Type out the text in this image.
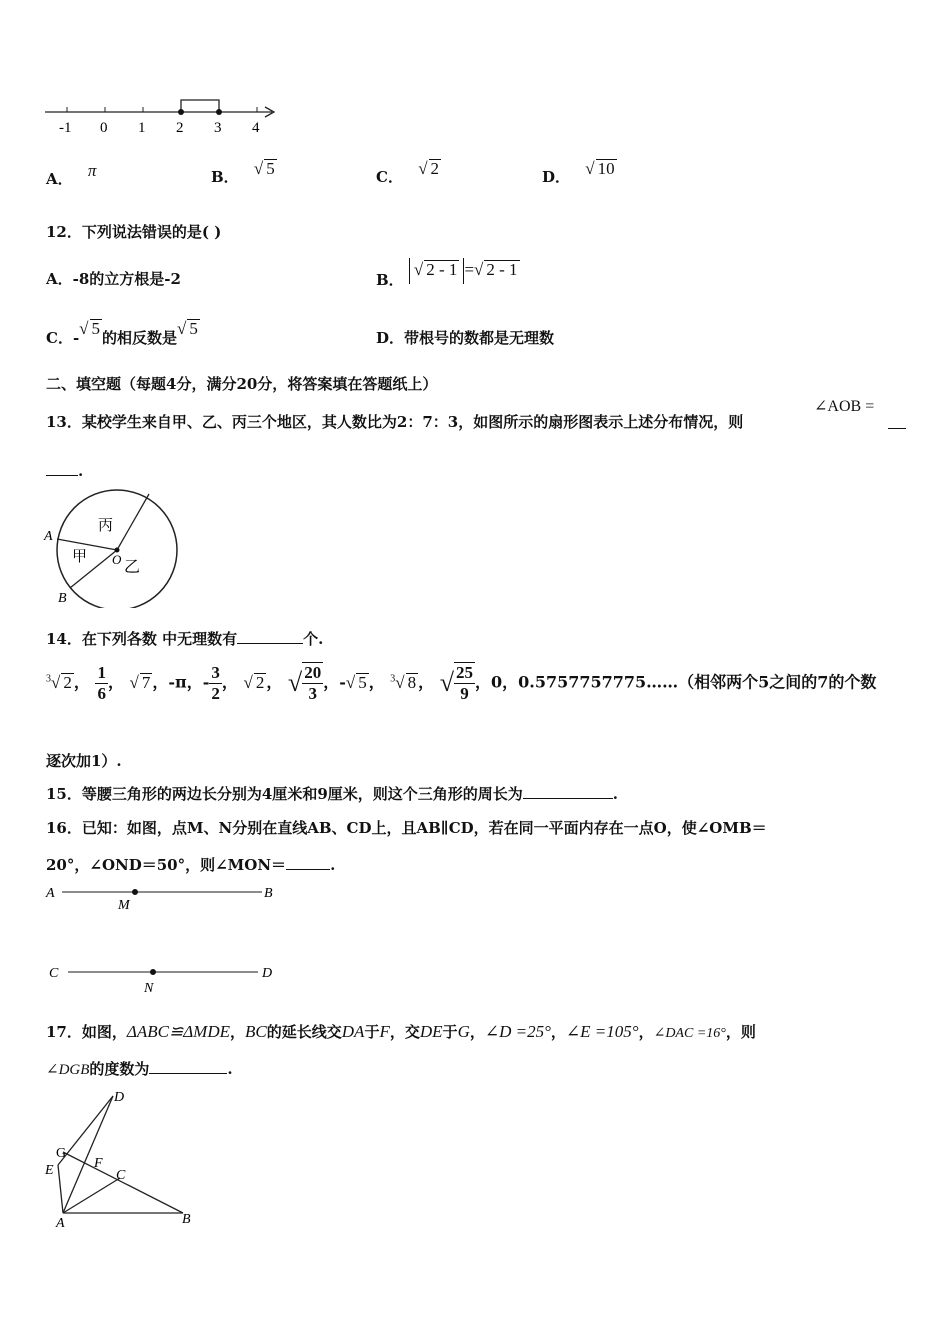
-1 0 1 2 3 4
A． π	B． √ 5	C． √ 2	D． √ 10
12．下列说法错误的是( )
A．-8的立方根是-2	B． √ 2 - 1 =√ 2 - 1
C．-√ 5 的相反数是√ 5	D．带根号的数都是无理数
二、填空题（每题4分，满分20分，将答案填在答题纸上）
13．某校学生来自甲、乙、丙三个地区，其人数比为2：7：3，如图所示的扇形图表示上述分布情况，则
∠AOB =
.
A
B
O
甲
乙
丙
14．在下列各数 中无理数有	个.
$^3$√ 2 ， $\frac{1}{6}$ ， √ 7 ，-π，- $\frac{3}{2}$ ， √ 2 ， √ $\frac{20}{3}$ ，-√ 5 ， $^3$√ 8 ， √ $\frac{25}{9}$ ，0，0.5757757775……（相邻两个5之间的7的个数
逐次加1）.
15．等腰三角形的两边长分别为4厘米和9厘米，则这个三角形的周长为	.
16．已知：如图，点M、N分别在直线AB、CD上，且AB∥CD，若在同一平面内存在一点O，使∠OMB＝
20°，∠OND＝50°，则∠MON＝	.
A	B
M
C	D
N
17．如图，ΔABC≌ΔMDE，BC的延长线交DA于F，交DE于G，∠D =25°，∠E =105°，∠DAC =16°，则
∠DGB的度数为	.
D
G
E	F
C
A	B
